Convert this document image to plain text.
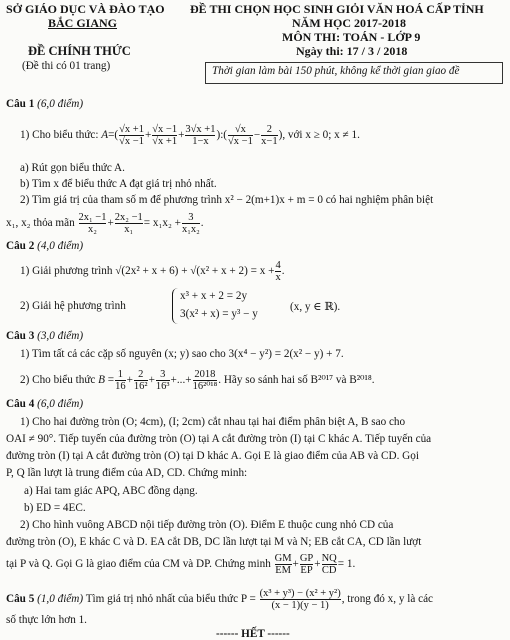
SỞ GIÁO DỤC VÀ ĐÀO TẠO
BẮC GIANG
ĐỀ CHÍNH THỨC
(Đề thi có 01 trang)
ĐỀ THI CHỌN HỌC SINH GIỎI VĂN HOÁ CẤP TỈNH
NĂM HỌC 2017-2018
MÔN THI: TOÁN - LỚP 9
Ngày thi: 17 / 3 / 2018
Thời gian làm bài 150 phút, không kể thời gian giao đề
Câu 1 (6,0 điểm)
1) Cho biểu thức: $A=( \frac{√x +1}{√x -1} + \frac{√x -1}{√x +1} + \frac{3√x +1}{1-x}$ ):( $\frac{√x}{√x -1} - \frac{2}{x-1}$ ), với x ≥ 0; x ≠ 1.
a) Rút gọn biểu thức A.
b) Tìm x để biểu thức A đạt giá trị nhỏ nhất.
2) Tìm giá trị của tham số m để phương trình x² − 2(m+1)x + m = 0 có hai nghiệm phân biệt
x₁, x₂ thỏa mãn $\frac{\text{2x₁ −1}}{\text{x₂}} + \frac{\text{2x₂ −1}}{\text{x₁}} = x_1x_2 + \frac{3}{\text{x₁x₂}}$ .
Câu 2 (4,0 điểm)
1) Giải phương trình $√(2x^2 + x + 6) + √(x^2 + x + 2) = x + \frac{4}{x}$ .
2) Giải hệ phương trình
x³ + x + 2 = 2y
3(x² + x) = y³ − y
(x, y ∈ ℝ).
Câu 3 (3,0 điểm)
1) Tìm tất cả các cặp số nguyên (x; y) sao cho 3(x⁴ − y²) = 2(x² − y) + 7.
2) Cho biểu thức $B = \frac{1}{16} + \frac{2}{\text{16²}} + \frac{3}{\text{16³}}$ +...+ $\frac{2018}{\text{16²⁰¹⁸}}$ . Hãy so sánh hai số B²⁰¹⁷ và B²⁰¹⁸.
Câu 4 (6,0 điểm)
1) Cho hai đường tròn (O; 4cm), (I; 2cm) cắt nhau tại hai điểm phân biệt A, B sao cho
OAI ≠ 90°. Tiếp tuyến của đường tròn (O) tại A cắt đường tròn (I) tại C khác A. Tiếp tuyến của
đường tròn (I) tại A cắt đường tròn (O) tại D khác A. Gọi E là giao điểm của AB và CD. Gọi
P, Q lần lượt là trung điểm của AD, CD. Chứng minh:
a) Hai tam giác APQ, ABC đồng dạng.
b) ED = 4EC.
2) Cho hình vuông ABCD nội tiếp đường tròn (O). Điểm E thuộc cung nhỏ CD của
đường tròn (O), E khác C và D. EA cắt DB, DC lần lượt tại M và N; EB cắt CA, CD lần lượt
tại P và Q. Gọi G là giao điểm của CM và DP. Chứng minh $\frac{GM}{EM} + \frac{GP}{EP} + \frac{NQ}{CD} = 1$.
Câu 5 (1,0 điểm) Tìm giá trị nhỏ nhất của biểu thức $P = \frac{\text{(x³ + y³) − (x² + y²)}}{(x - 1)(y - 1)}$ , trong đó x, y là các
số thực lớn hơn 1.
------ HẾT ------
